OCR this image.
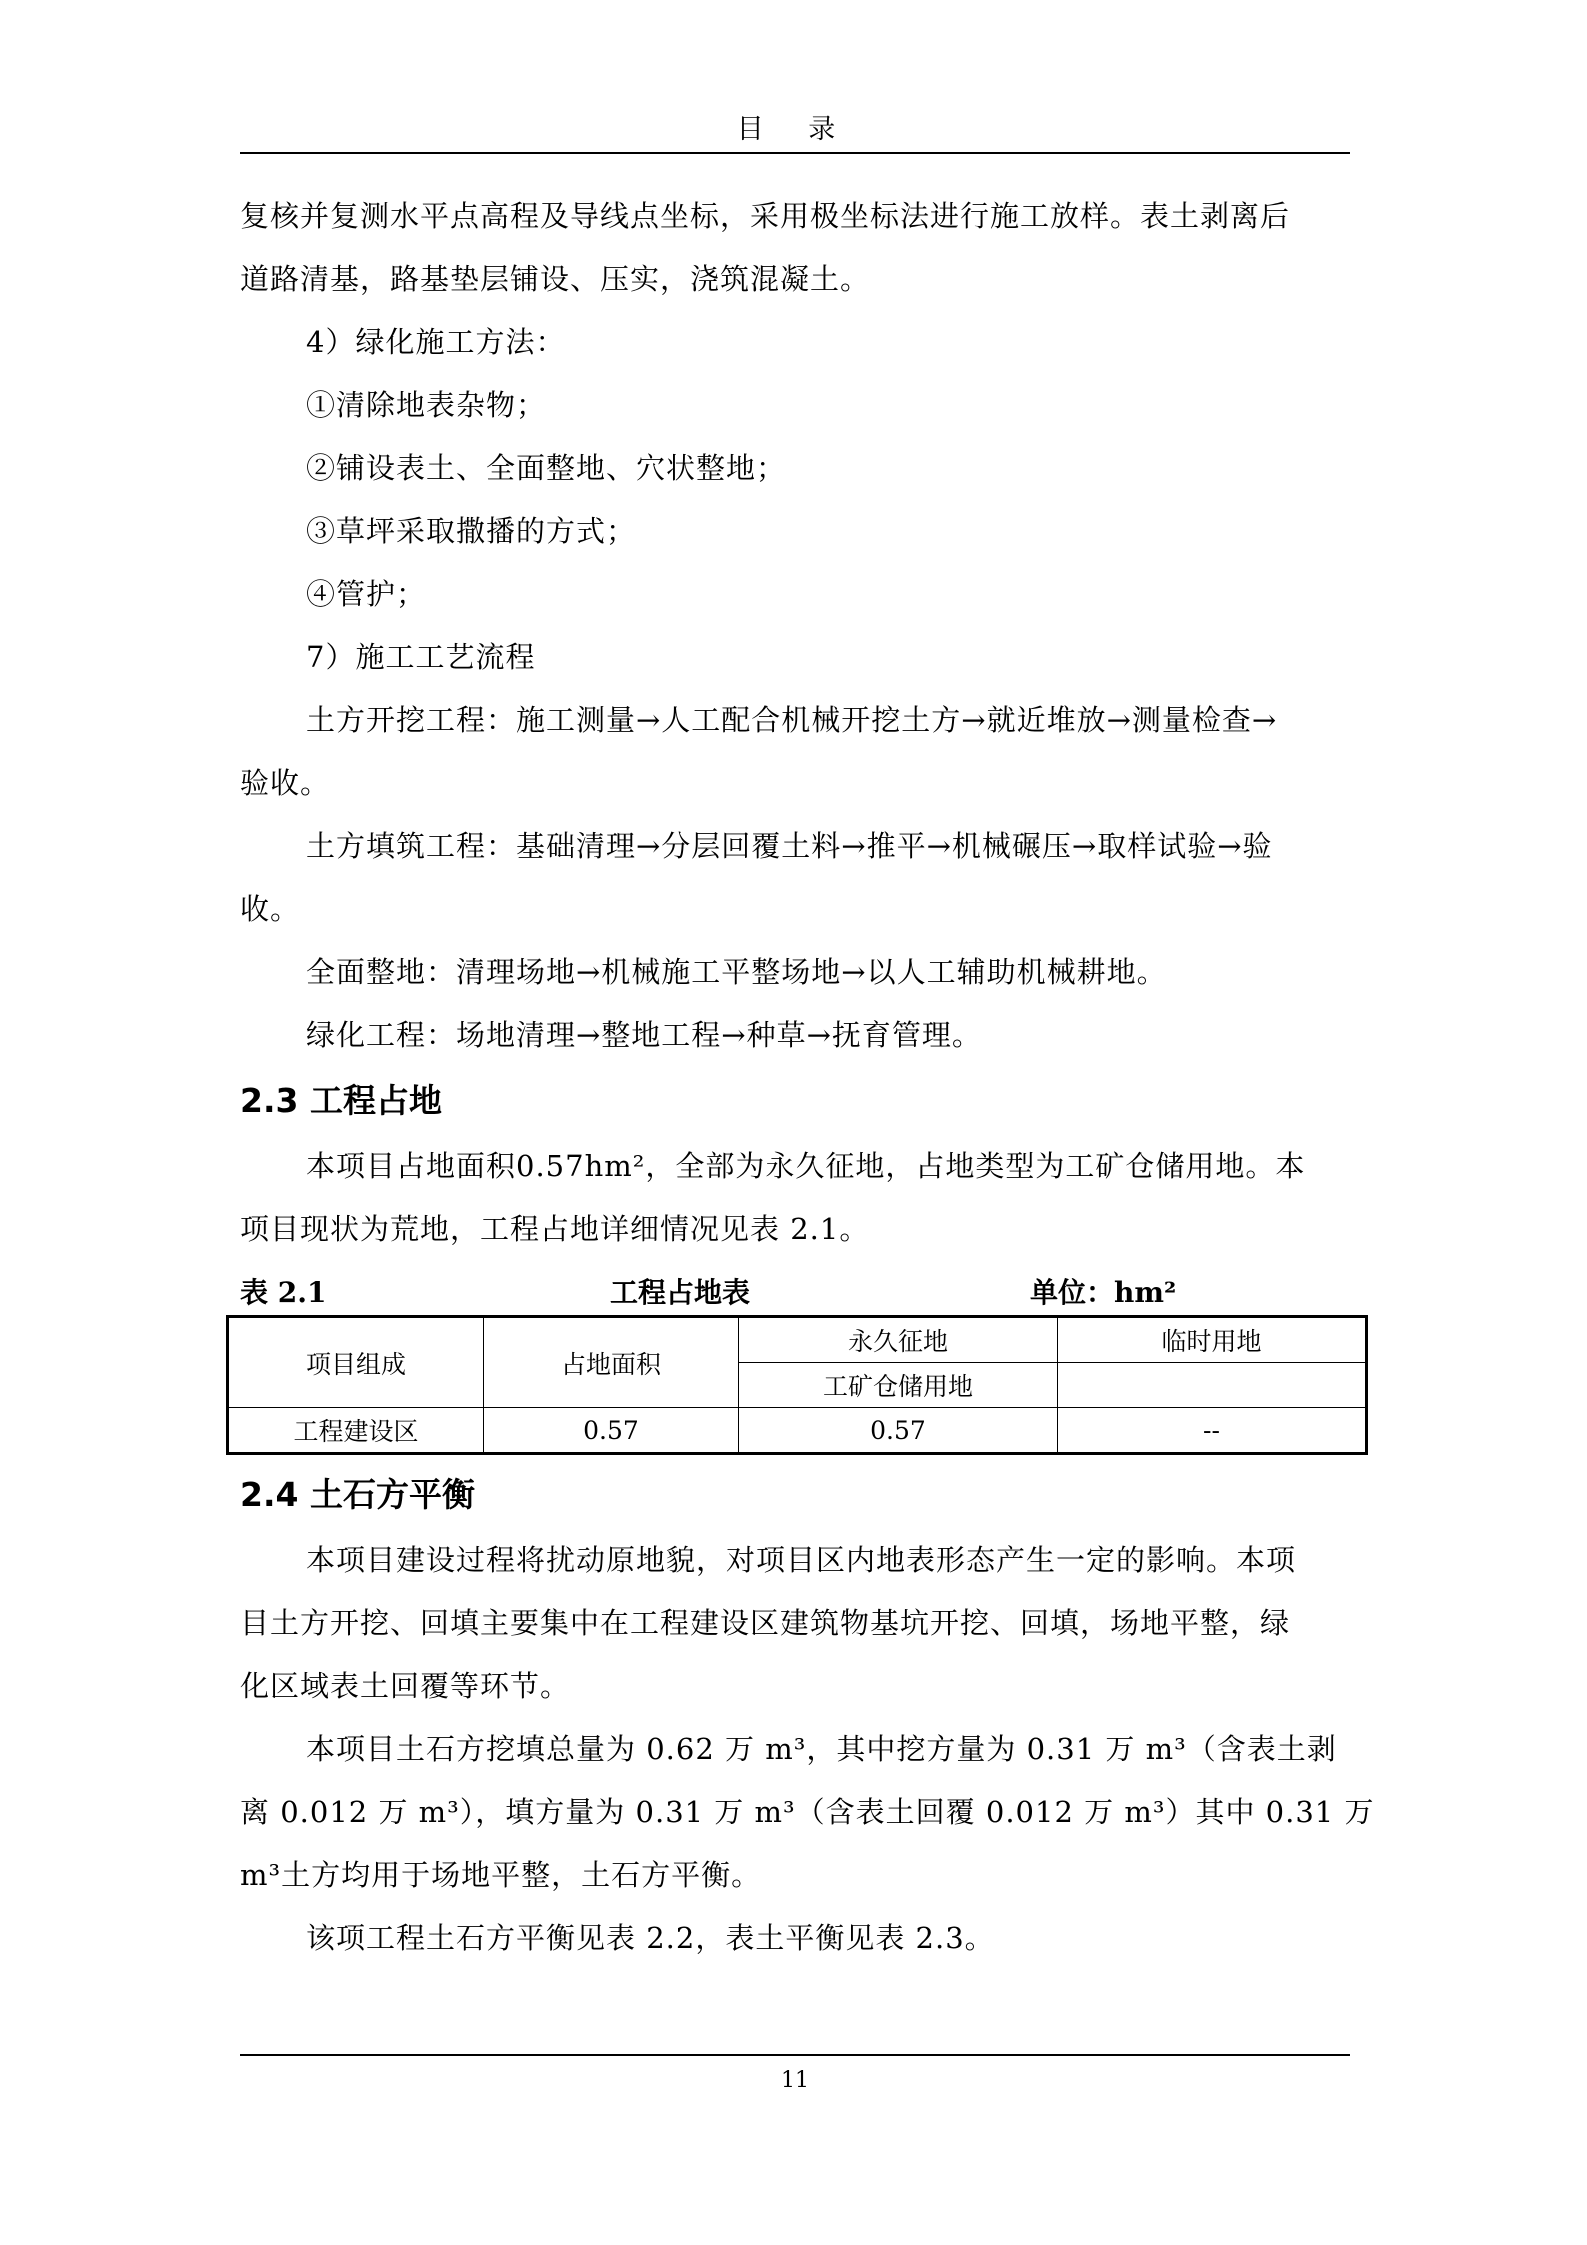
目 录

复核并复测水平点高程及导线点坐标，采用极坐标法进行施工放样。表土剥离后

道路清基，路基垫层铺设、压实，浇筑混凝土。

4）绿化施工方法：

①清除地表杂物；

②铺设表土、全面整地、穴状整地；

③草坪采取撒播的方式；

④管护；

7）施工工艺流程

土方开挖工程：施工测量→人工配合机械开挖土方→就近堆放→测量检查→

验收。

土方填筑工程：基础清理→分层回覆土料→推平→机械碾压→取样试验→验

收。

全面整地：清理场地→机械施工平整场地→以人工辅助机械耕地。

绿化工程：场地清理→整地工程→种草→抚育管理。

2.3 工程占地

本项目占地面积0.57hm²，全部为永久征地，占地类型为工矿仓储用地。本

项目现状为荒地，工程占地详细情况见表 2.1。

表 2.1	工程占地表	单位：hm²
项目组成	占地面积	永久征地	临时用地
		工矿仓储用地	
工程建设区	0.57	0.57	--
2.4 土石方平衡

本项目建设过程将扰动原地貌，对项目区内地表形态产生一定的影响。本项

目土方开挖、回填主要集中在工程建设区建筑物基坑开挖、回填，场地平整，绿

化区域表土回覆等环节。

本项目土石方挖填总量为 0.62 万 m³，其中挖方量为 0.31 万 m³（含表土剥

离 0.012 万 m³），填方量为 0.31 万 m³（含表土回覆 0.012 万 m³）其中 0.31 万

m³土方均用于场地平整，土石方平衡。

该项工程土石方平衡见表 2.2，表土平衡见表 2.3。

11
